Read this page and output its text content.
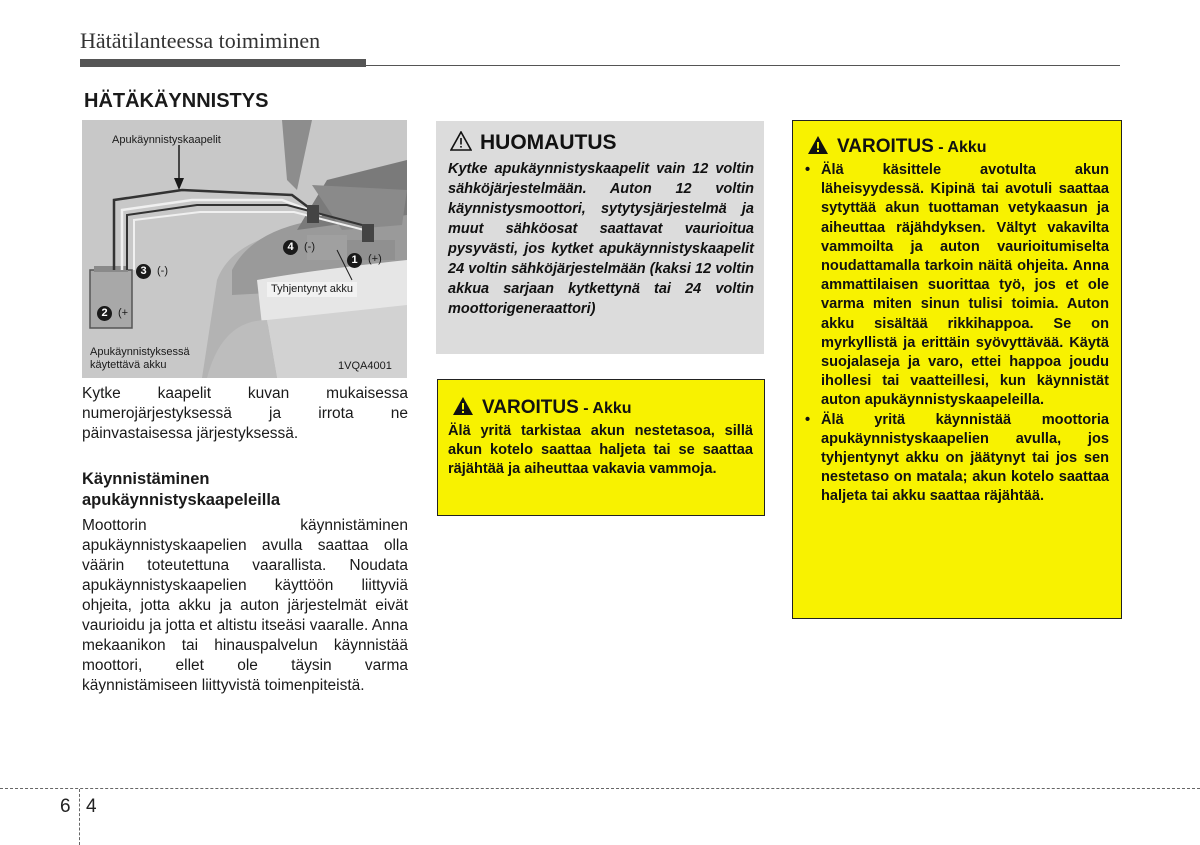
Hätätilanteessa toimiminen
HÄTÄKÄYNNISTYS
Apukäynnistyskaapelit
Tyhjentynyt akku
Apukäynnistyksessä
käytettävä akku	1VQA4001
1 (+)
2 (+
3 (-)
4 (-)
Kytke kaapelit kuvan mukaisessa numerojärjestyksessä ja irrota ne päinvastaisessa järjestyksessä.
Käynnistäminen apukäynnistyskaapeleilla
Moottorin käynnistäminen apukäynnistyskaapelien avulla saattaa olla väärin toteutettuna vaarallista. Noudata apukäynnistyskaapelien käyttöön liittyviä ohjeita, jotta akku ja auton järjestelmät eivät vaurioidu ja jotta et altistu itseäsi vaaralle. Anna mekaanikon tai hinauspalvelun käynnistää moottori, ellet ole täysin varma käynnistämiseen liittyvistä toimenpiteistä.
HUOMAUTUS
Kytke apukäynnistyskaapelit vain 12 voltin sähköjärjestelmään. Auton 12 voltin käynnistysmoottori, sytytysjärjestelmä ja muut sähköosat saattavat vaurioitua pysyvästi, jos kytket apukäynnistyskaapelit 24 voltin sähköjärjestelmään (kaksi 12 voltin akkua sarjaan kytkettynä tai 24 voltin moottorigeneraattori)
VAROITUS - Akku
Älä yritä tarkistaa akun nestetasoa, sillä akun kotelo saattaa haljeta tai se saattaa räjähtää ja aiheuttaa vakavia vammoja.
VAROITUS - Akku
• Älä käsittele avotulta akun läheisyydessä. Kipinä tai avotuli saattaa sytyttää akun tuottaman vetykaasun ja aiheuttaa räjähdyksen. Vältyt vakavilta vammoilta ja auton vaurioitumiselta noudattamalla tarkoin näitä ohjeita. Anna ammattilaisen suorittaa työ, jos et ole varma miten sinun tulisi toimia. Auton akku sisältää rikkihappoa. Se on myrkyllistä ja erittäin syövyttävää. Käytä suojalaseja ja varo, ettei happoa joudu ihollesi tai vaatteillesi, kun käynnistät auton apukäynnistyskaapeleilla.
• Älä yritä käynnistää moottoria apukäynnistyskaapelien avulla, jos tyhjentynyt akku on jäätynyt tai jos sen nestetaso on matala; akun kotelo saattaa haljeta tai akku saattaa räjähtää.
6 4
